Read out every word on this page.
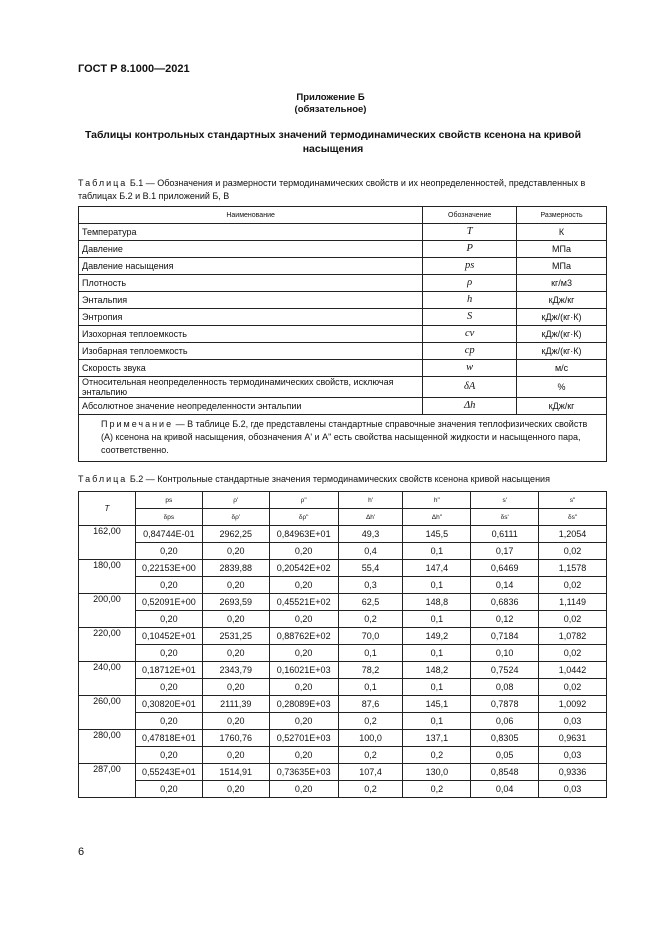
ГОСТ Р 8.1000—2021
Приложение Б
(обязательное)
Таблицы контрольных стандартных значений термодинамических свойств ксенона на кривой насыщения
Таблица Б.1 — Обозначения и размерности термодинамических свойств и их неопределенностей, представленных в таблицах Б.2 и В.1 приложений Б, В
Наименование	Обозначение	Размерность
Температура	T	К
Давление	P	МПа
Давление насыщения	ps	МПа
Плотность	ρ	кг/м3
Энтальпия	h	кДж/кг
Энтропия	S	кДж/(кг·К)
Изохорная теплоемкость	cv	кДж/(кг·К)
Изобарная теплоемкость	cp	кДж/(кг·К)
Скорость звука	w	м/с
Относительная неопределенность термодинамических свойств, исключая энтальпию	δA	%
Абсолютное значение неопределенности энтальпии	Δh	кДж/кг
Примечание — В таблице Б.2, где представлены стандартные справочные значения теплофизических свойств (A) ксенона на кривой насыщения, обозначения A' и A" есть свойства насыщенной жидкости и насыщенного пара, соответственно.		
Таблица Б.2 — Контрольные стандартные значения термодинамических свойств ксенона кривой насыщения
T	ps	ρ'	ρ"	h'	h"	s'	s"
	δps	δρ'	δρ"	Δh'	Δh"	δs'	δs"
162,00	0,84744E-01	2962,25	0,84963E+01	49,3	145,5	0,6111	1,2054
	0,20	0,20	0,20	0,4	0,1	0,17	0,02
180,00	0,22153E+00	2839,88	0,20542E+02	55,4	147,4	0,6469	1,1578
	0,20	0,20	0,20	0,3	0,1	0,14	0,02
200,00	0,52091E+00	2693,59	0,45521E+02	62,5	148,8	0,6836	1,1149
	0,20	0,20	0,20	0,2	0,1	0,12	0,02
220,00	0,10452E+01	2531,25	0,88762E+02	70,0	149,2	0,7184	1,0782
	0,20	0,20	0,20	0,1	0,1	0,10	0,02
240,00	0,18712E+01	2343,79	0,16021E+03	78,2	148,2	0,7524	1,0442
	0,20	0,20	0,20	0,1	0,1	0,08	0,02
260,00	0,30820E+01	2111,39	0,28089E+03	87,6	145,1	0,7878	1,0092
	0,20	0,20	0,20	0,2	0,1	0,06	0,03
280,00	0,47818E+01	1760,76	0,52701E+03	100,0	137,1	0,8305	0,9631
	0,20	0,20	0,20	0,2	0,2	0,05	0,03
287,00	0,55243E+01	1514,91	0,73635E+03	107,4	130,0	0,8548	0,9336
	0,20	0,20	0,20	0,2	0,2	0,04	0,03
6
